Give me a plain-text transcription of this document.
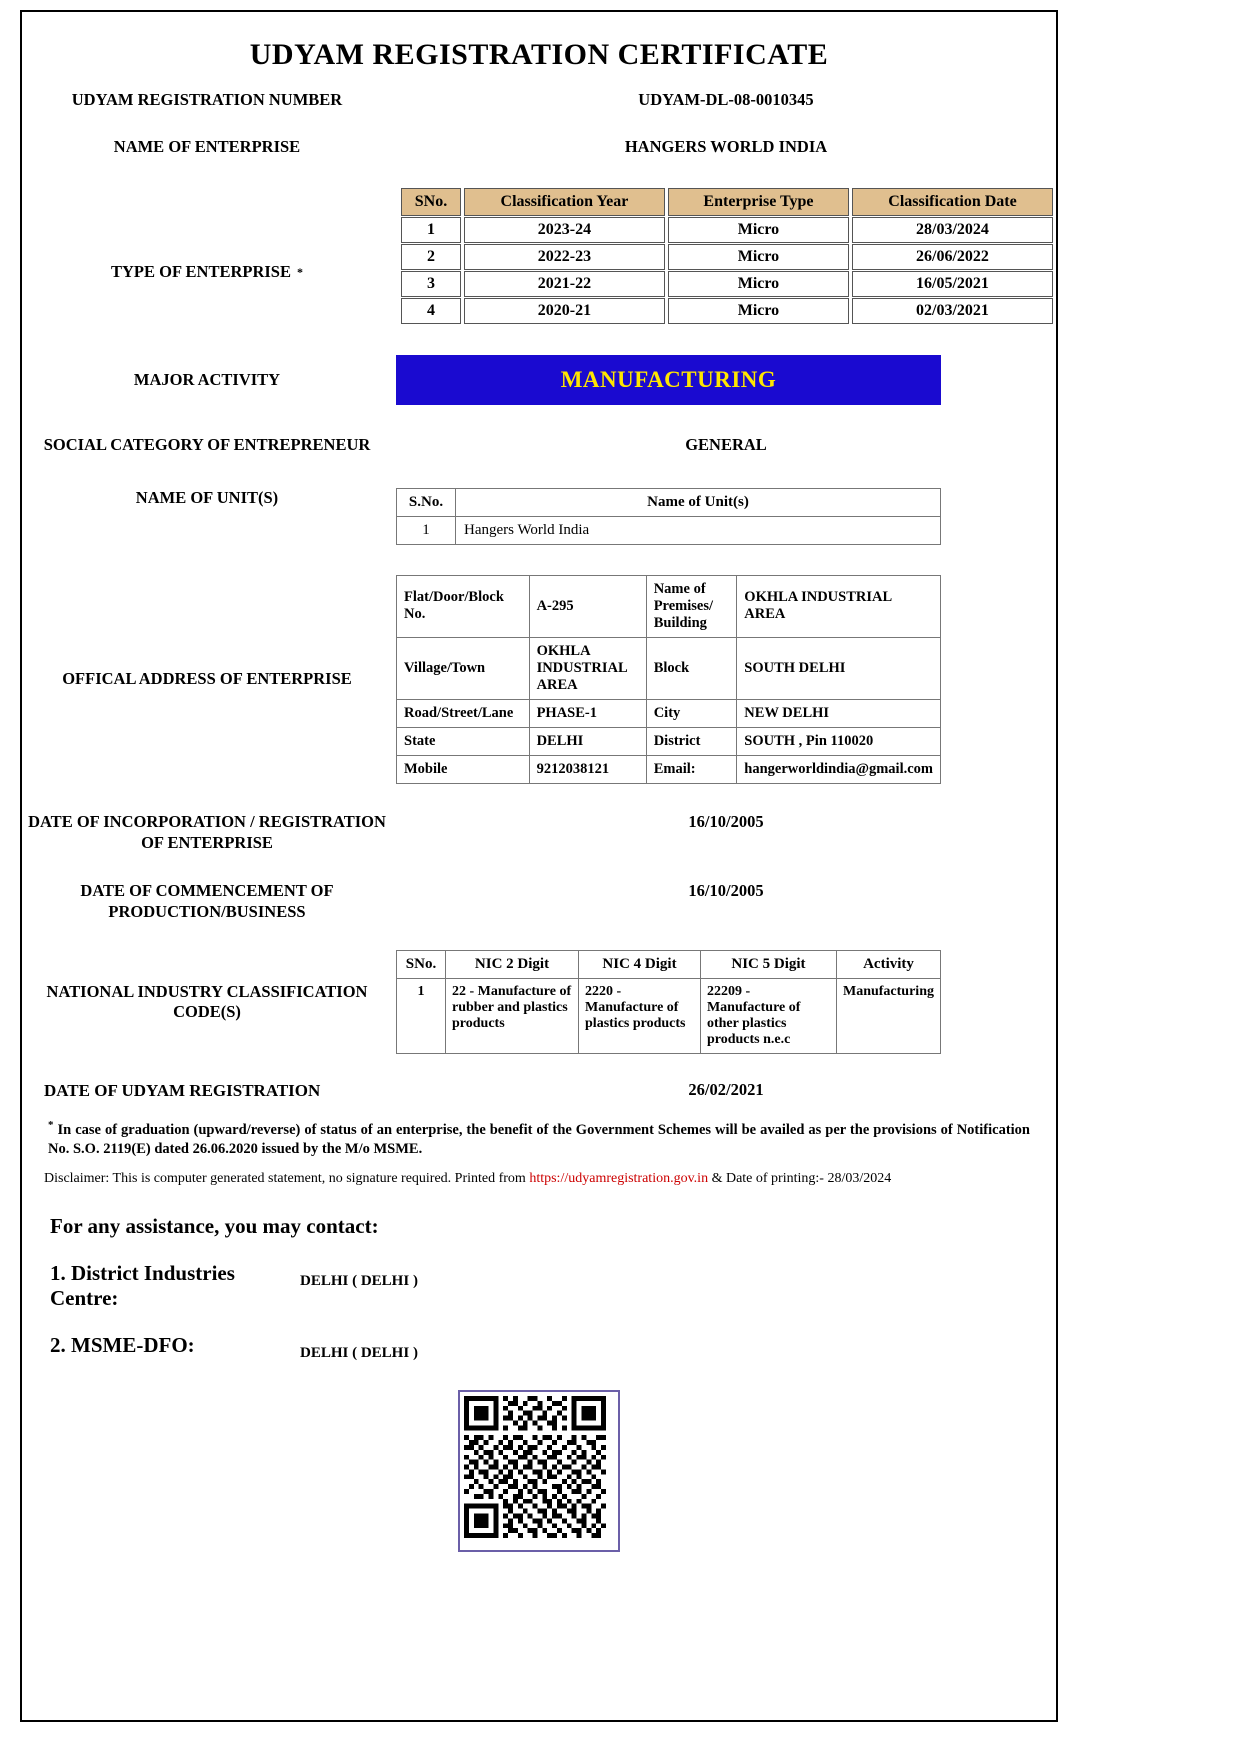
UDYAM REGISTRATION CERTIFICATE
UDYAM REGISTRATION NUMBER	UDYAM-DL-08-0010345
NAME OF ENTERPRISE	HANGERS WORLD INDIA
SNo.	Classification Year	Enterprise Type	Classification Date
1	2023-24	Micro	28/03/2024
2	2022-23	Micro	26/06/2022
3	2021-22	Micro	16/05/2021
4	2020-21	Micro	02/03/2021
TYPE OF ENTERPRISE *
MAJOR ACTIVITY	MANUFACTURING
SOCIAL CATEGORY OF ENTREPRENEUR	GENERAL
NAME OF UNIT(S)	S.No.	Name of Unit(s)
1	Hangers World India
OFFICAL ADDRESS OF ENTERPRISE
Flat/Door/Block No.	A-295	Name of Premises/ Building	OKHLA INDUSTRIAL AREA
Village/Town	OKHLA INDUSTRIAL AREA	Block	SOUTH DELHI
Road/Street/Lane	PHASE-1	City	NEW DELHI
State	DELHI	District	SOUTH , Pin 110020
Mobile	9212038121	Email:	hangerworldindia@gmail.com
DATE OF INCORPORATION / REGISTRATION OF ENTERPRISE
16/10/2005
DATE OF COMMENCEMENT OF PRODUCTION/BUSINESS
16/10/2005
NATIONAL INDUSTRY CLASSIFICATION CODE(S)
SNo.	NIC 2 Digit	NIC 4 Digit	NIC 5 Digit	Activity
1	22 - Manufacture of rubber and plastics products	2220 - Manufacture of plastics products	22209 - Manufacture of other plastics products n.e.c	Manufacturing
DATE OF UDYAM REGISTRATION	26/02/2021
* In case of graduation (upward/reverse) of status of an enterprise, the benefit of the Government Schemes will be availed as per the provisions of Notification No. S.O. 2119(E) dated 26.06.2020 issued by the M/o MSME.
Disclaimer: This is computer generated statement, no signature required. Printed from https://udyamregistration.gov.in & Date of printing:- 28/03/2024
For any assistance, you may contact:
1. District Industries Centre:
DELHI ( DELHI )
2. MSME-DFO:	DELHI ( DELHI )
